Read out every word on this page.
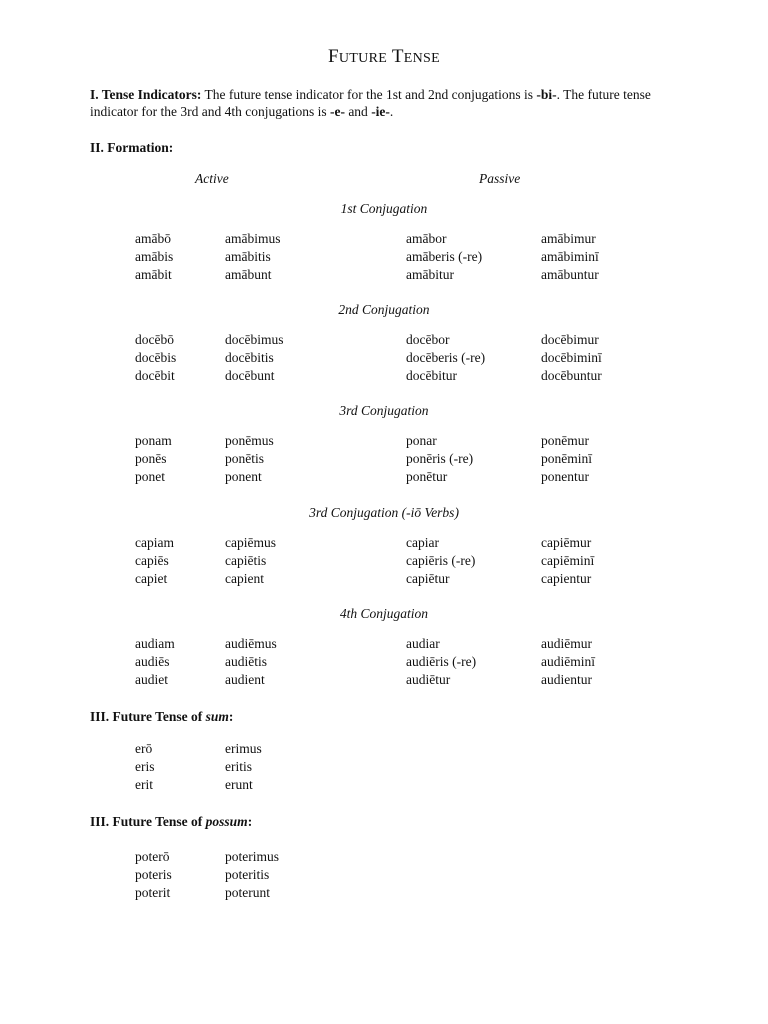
FUTURE TENSE
I. Tense Indicators: The future tense indicator for the 1st and 2nd conjugations is -bi-. The future tense indicator for the 3rd and 4th conjugations is -e- and -ie-.
II. Formation:
Active	Passive
1st Conjugation
amābō	amābimus	amābor	amābimur
amābis	amābitis	amāberis (-re)	amābiminī
amābit	amābunt	amābitur	amābuntur
2nd Conjugation
docēbō	docēbimus	docēbor	docēbimur
docēbis	docēbitis	docēberis (-re)	docēbiminī
docēbit	docēbunt	docēbitur	docēbuntur
3rd Conjugation
ponam	ponēmus	ponar	ponēmur
ponēs	ponētis	ponēris (-re)	ponēminī
ponet	ponent	ponētur	ponentur
3rd Conjugation (-iō Verbs)
capiam	capiēmus	capiar	capiēmur
capiēs	capiētis	capiēris (-re)	capiēminī
capiet	capient	capiētur	capientur
4th Conjugation
audiam	audiēmus	audiar	audiēmur
audiēs	audiētis	audiēris (-re)	audiēminī
audiet	audient	audiētur	audientur
III. Future Tense of sum:
erō	erimus
eris	eritis
erit	erunt
III. Future Tense of possum:
poterō	poterimus
poteris	poteritis
poterit	poterunt
